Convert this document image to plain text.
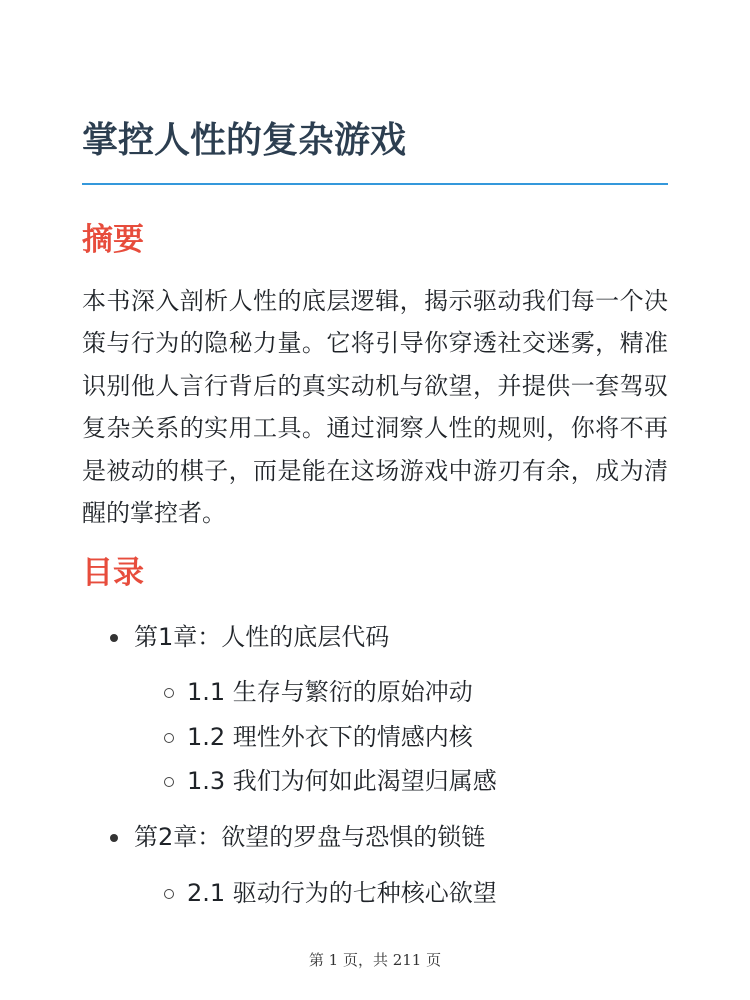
掌控人性的复杂游戏
摘要

本书深入剖析人性的底层逻辑，揭示驱动我们每一个决策与行为的隐秘力量。它将引导你穿透社交迷雾，精准识别他人言行背后的真实动机与欲望，并提供一套驾驭复杂关系的实用工具。通过洞察人性的规则，你将不再是被动的棋子，而是能在这场游戏中游刃有余，成为清醒的掌控者。

目录
第1章：人性的底层代码
1.1 生存与繁衍的原始冲动
1.2 理性外衣下的情感内核
1.3 我们为何如此渴望归属感
第2章：欲望的罗盘与恐惧的锁链
2.1 驱动行为的七种核心欲望
第 1 页，共 211 页
